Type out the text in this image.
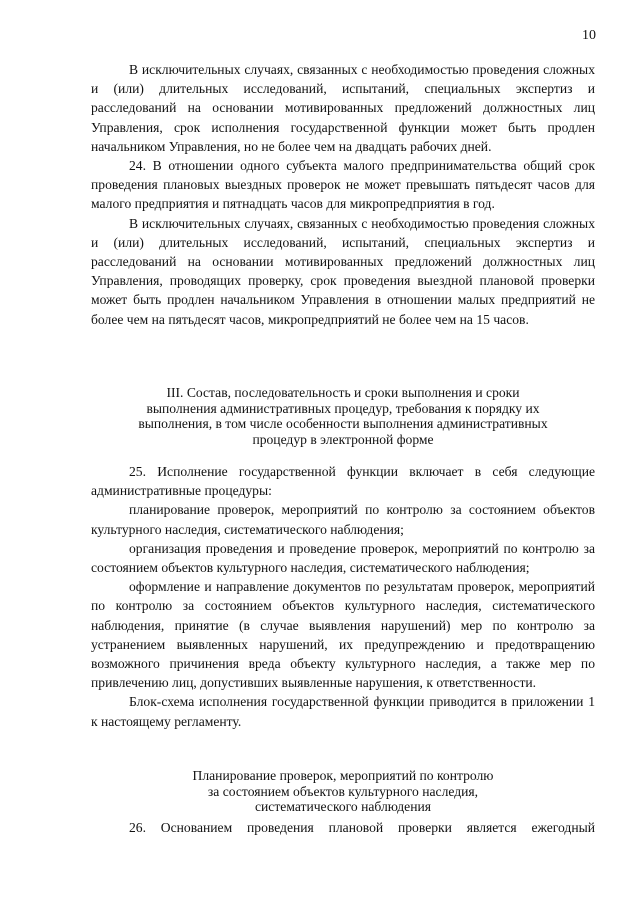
10

В исключительных случаях, связанных с необходимостью проведения сложных и (или) длительных исследований, испытаний, специальных экспертиз и расследований на основании мотивированных предложений должностных лиц Управления, срок исполнения государственной функции может быть продлен начальником Управления, но не более чем на двадцать рабочих дней.

24. В отношении одного субъекта малого предпринимательства общий срок проведения плановых выездных проверок не может превышать пятьдесят часов для малого предприятия и пятнадцать часов для микропредприятия в год.

В исключительных случаях, связанных с необходимостью проведения сложных и (или) длительных исследований, испытаний, специальных экспертиз и расследований на основании мотивированных предложений должностных лиц Управления, проводящих проверку, срок проведения выездной плановой проверки может быть продлен начальником Управления в отношении малых предприятий не более чем на пятьдесят часов, микропредприятий не более чем на 15 часов.

III. Состав, последовательность и сроки выполнения и сроки

выполнения административных процедур, требования к порядку их

выполнения, в том числе особенности выполнения административных

процедур в электронной форме

25. Исполнение государственной функции включает в себя следующие административные процедуры:

планирование проверок, мероприятий по контролю за состоянием объектов культурного наследия, систематического наблюдения;

организация проведения и проведение проверок, мероприятий по контролю за состоянием объектов культурного наследия, систематического наблюдения;

оформление и направление документов по результатам проверок, мероприятий по контролю за состоянием объектов культурного наследия, систематического наблюдения, принятие (в случае выявления нарушений) мер по контролю за устранением выявленных нарушений, их предупреждению и предотвращению возможного причинения вреда объекту культурного наследия, а также мер по привлечению лиц, допустивших выявленные нарушения, к ответственности.

Блок-схема исполнения государственной функции приводится в приложении 1 к настоящему регламенту.

Планирование проверок, мероприятий по контролю

за состоянием объектов культурного наследия,

систематического наблюдения

26. Основанием проведения плановой проверки является ежегодный
